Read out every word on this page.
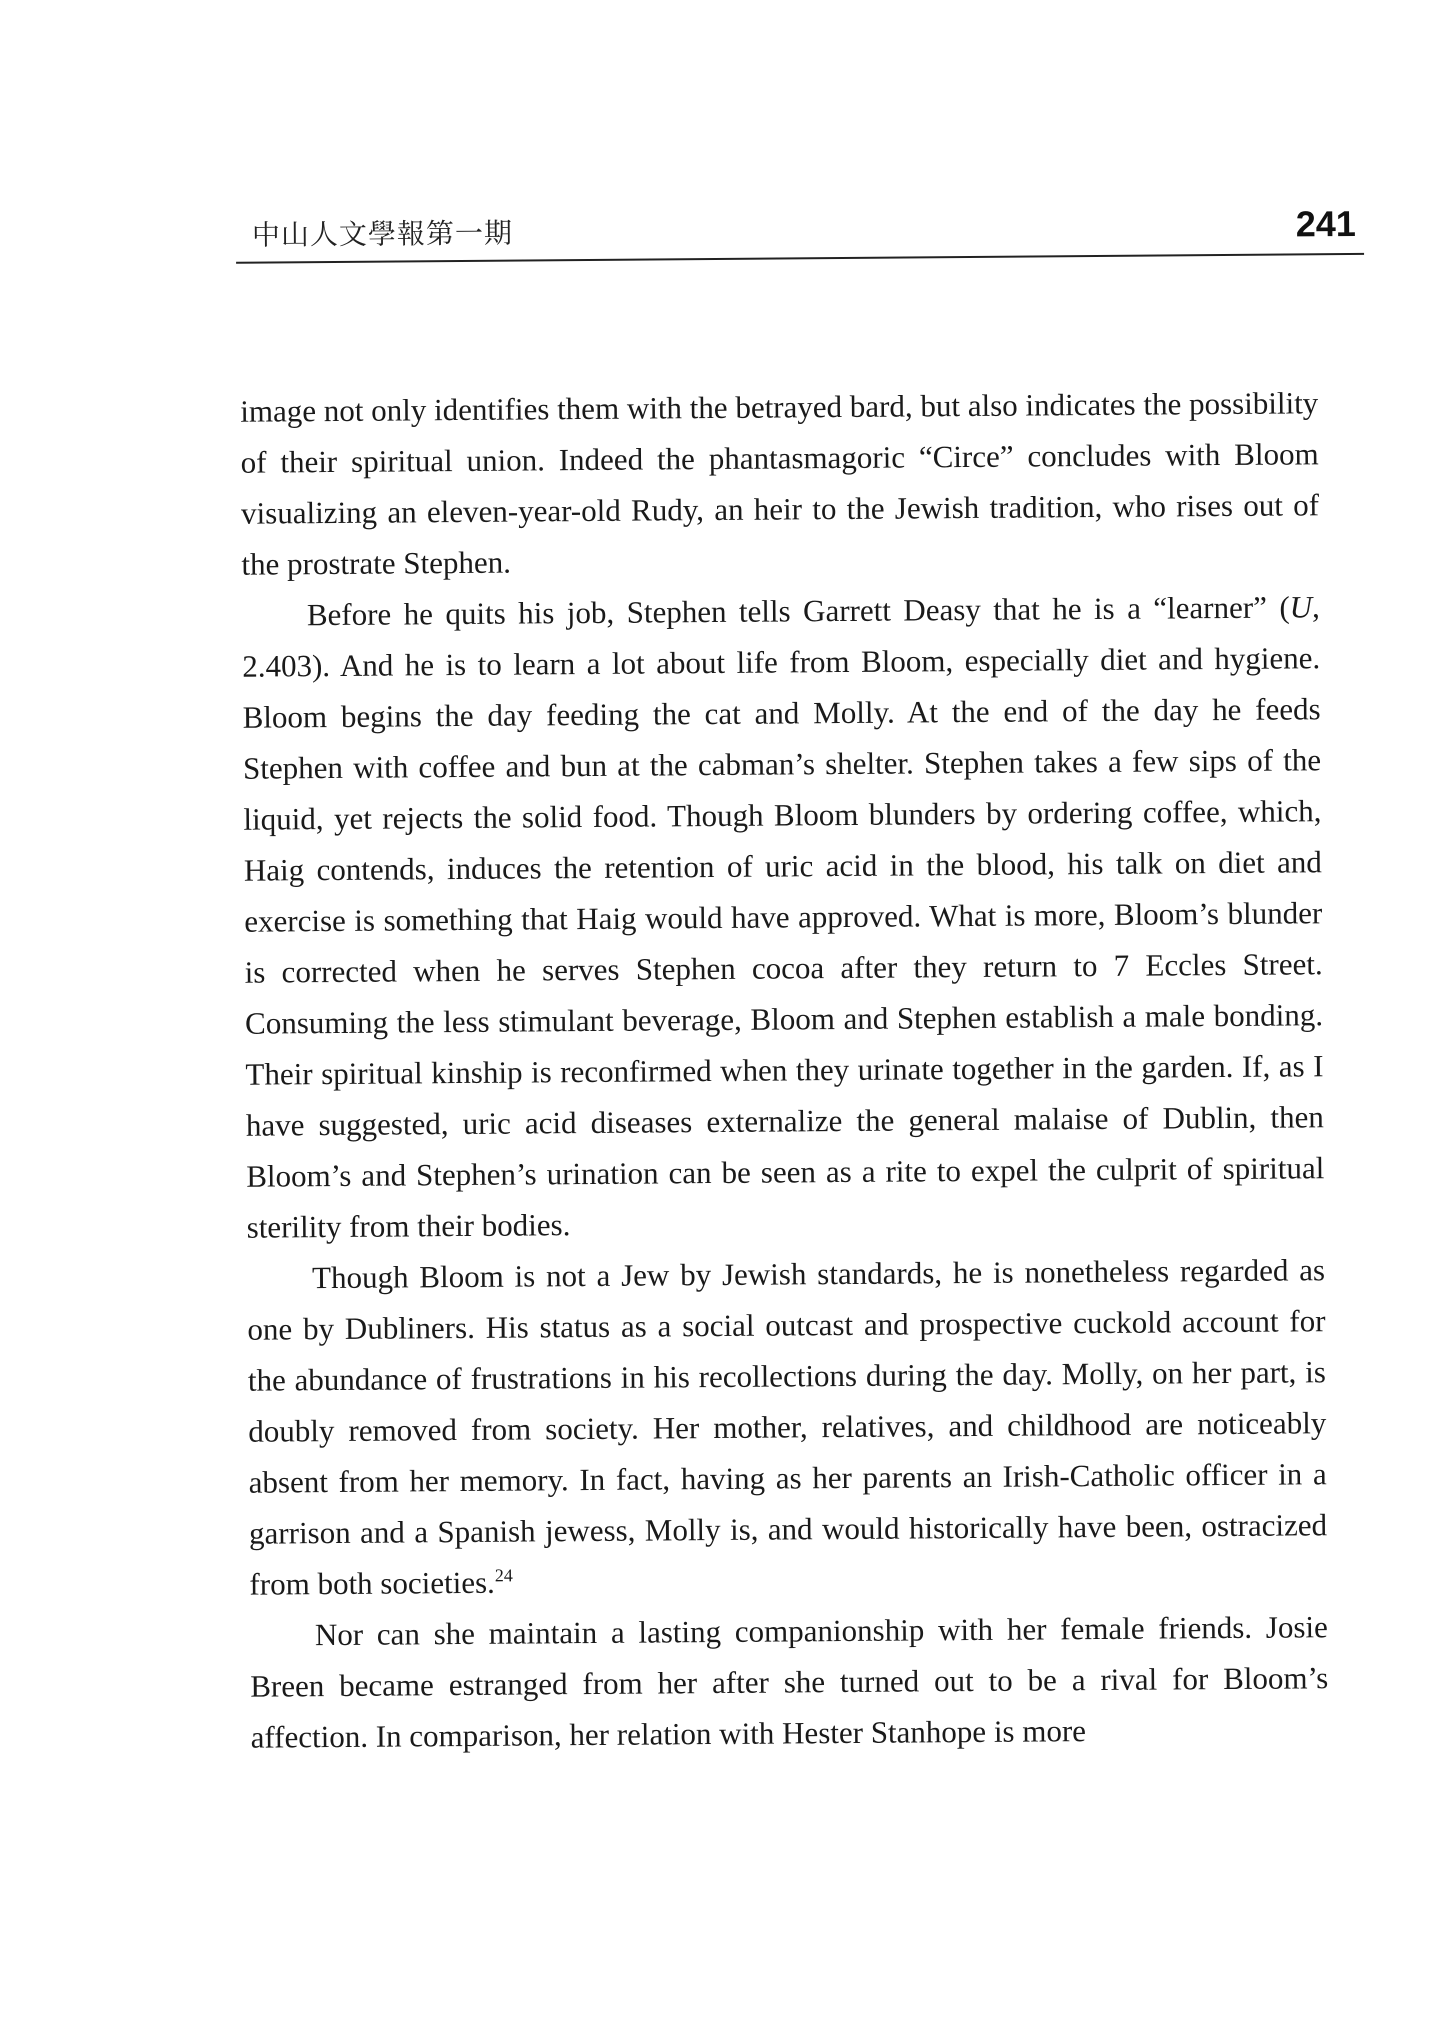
中山人文學報第一期	241

image not only identifies them with the betrayed bard, but also indicates the possibility of their spiritual union. Indeed the phantasmagoric “Circe” concludes with Bloom visualizing an eleven-year-old Rudy, an heir to the Jewish tradition, who rises out of the prostrate Stephen.

Before he quits his job, Stephen tells Garrett Deasy that he is a “learner” (U, 2.403). And he is to learn a lot about life from Bloom, especially diet and hygiene. Bloom begins the day feeding the cat and Molly. At the end of the day he feeds Stephen with coffee and bun at the cabman’s shelter. Stephen takes a few sips of the liquid, yet rejects the solid food. Though Bloom blunders by ordering coffee, which, Haig contends, induces the retention of uric acid in the blood, his talk on diet and exercise is something that Haig would have approved. What is more, Bloom’s blunder is corrected when he serves Stephen cocoa after they return to 7 Eccles Street. Consuming the less stimulant beverage, Bloom and Stephen establish a male bonding. Their spiritual kinship is reconfirmed when they urinate together in the garden. If, as I have suggested, uric acid diseases externalize the general malaise of Dublin, then Bloom’s and Stephen’s urination can be seen as a rite to expel the culprit of spiritual sterility from their bodies.

Though Bloom is not a Jew by Jewish standards, he is nonetheless regarded as one by Dubliners. His status as a social outcast and prospective cuckold account for the abundance of frustrations in his recollections during the day. Molly, on her part, is doubly removed from society. Her mother, relatives, and childhood are noticeably absent from her memory. In fact, having as her parents an Irish-Catholic officer in a garrison and a Spanish jewess, Molly is, and would historically have been, ostracized from both societies.$^{24}$

Nor can she maintain a lasting companionship with her female friends. Josie Breen became estranged from her after she turned out to be a rival for Bloom’s affection. In comparison, her relation with Hester Stanhope is more
